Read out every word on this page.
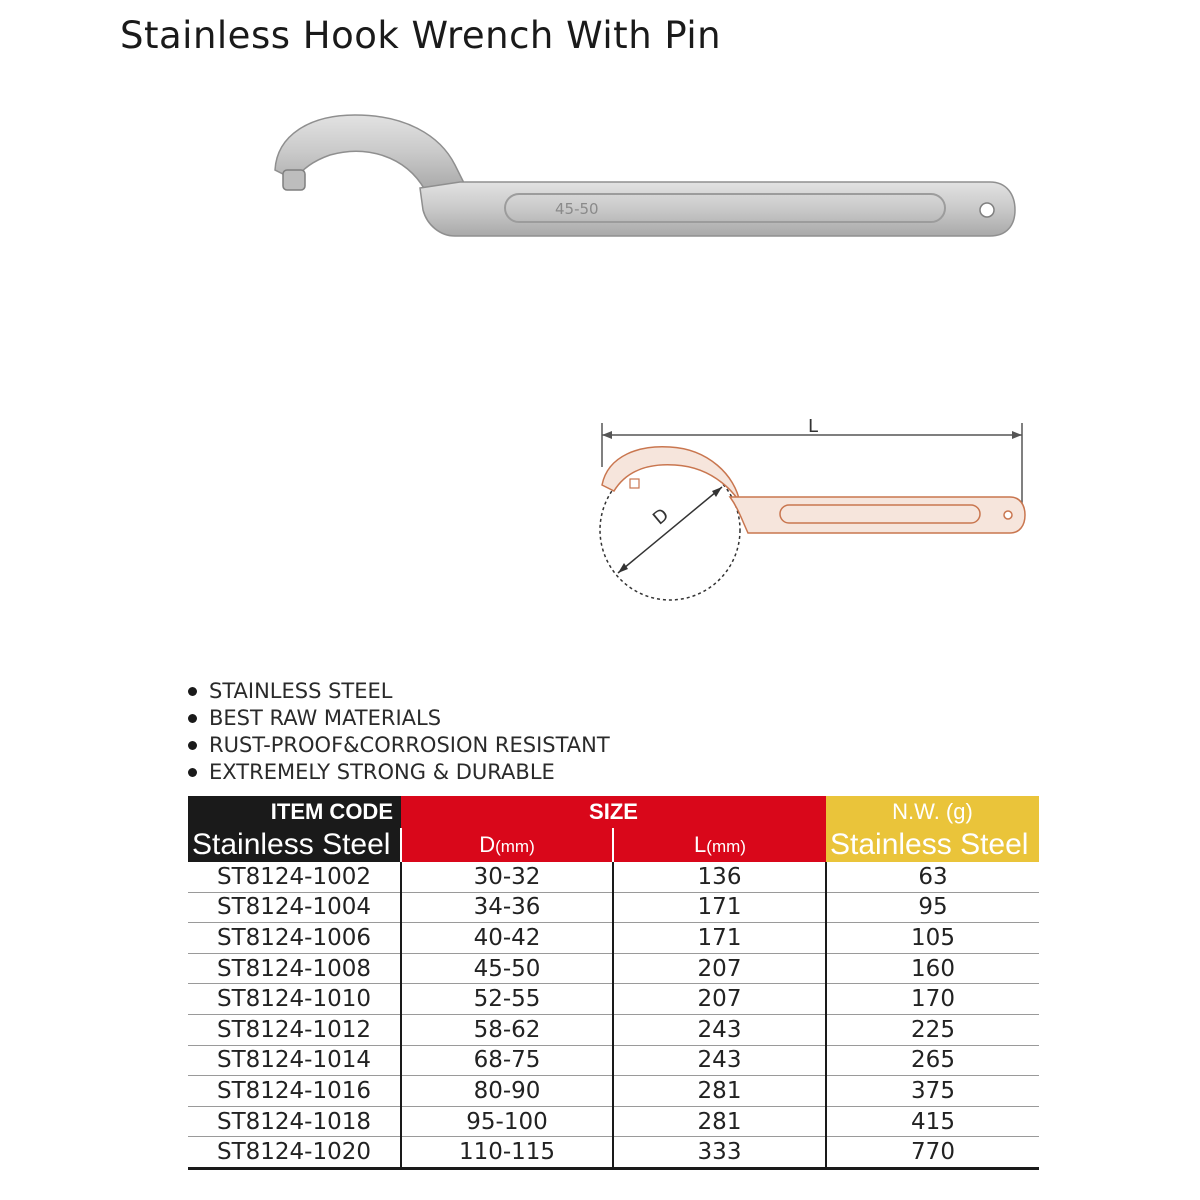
Stainless Hook Wrench With Pin
45-50
L
D
STAINLESS STEEL
BEST RAW MATERIALS
RUST-PROOF&CORROSION RESISTANT
EXTREMELY STRONG & DURABLE
ITEM CODE	SIZE		N.W. (g)
Stainless Steel	D(mm)	L(mm)	Stainless Steel
ST8124-1002	30-32	136	63
ST8124-1004	34-36	171	95
ST8124-1006	40-42	171	105
ST8124-1008	45-50	207	160
ST8124-1010	52-55	207	170
ST8124-1012	58-62	243	225
ST8124-1014	68-75	243	265
ST8124-1016	80-90	281	375
ST8124-1018	95-100	281	415
ST8124-1020	110-115	333	770
